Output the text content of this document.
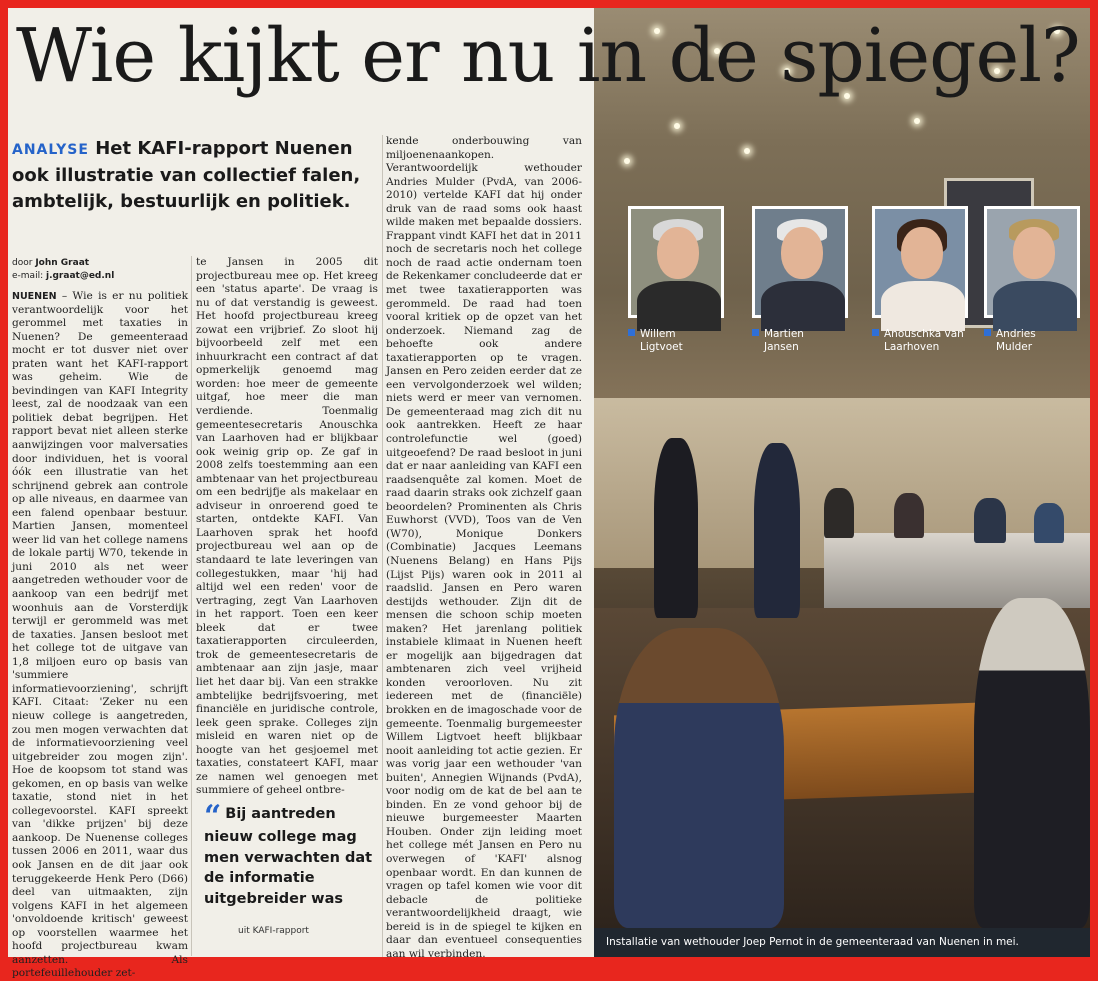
Willem
Ligtvoet
Martien
Jansen
Anouschka van
Laarhoven
Andries
Mulder
Installatie van wethouder Joep Pernot in de gemeenteraad van Nuenen in mei.
Wie kijkt er nu in de spiegel?
ANALYSE Het KAFI-rapport Nuenen ook illustratie van collectief falen, ambtelijk, bestuurlijk en politiek.
door John Graat
e-mail: j.graat@ed.nl
NUENEN – Wie is er nu politiek verantwoordelijk voor het gerommel met taxaties in Nuenen? De gemeenteraad mocht er tot dusver niet over praten want het KAFI-rapport was geheim. Wie de bevindingen van KAFI Integrity leest, zal de noodzaak van een politiek debat begrijpen. Het rapport bevat niet alleen sterke aanwijzingen voor malversaties door individuen, het is vooral óók een illustratie van het schrijnend gebrek aan controle op alle niveaus, en daarmee van een falend openbaar bestuur. Martien Jansen, momenteel weer lid van het college namens de lokale partij W70, tekende in juni 2010 als net weer aangetreden wethouder voor de aankoop van een bedrijf met woonhuis aan de Vorsterdijk terwijl er gerommeld was met de taxaties. Jansen besloot met het college tot de uitgave van 1,8 miljoen euro op basis van 'summiere informatievoorziening', schrijft KAFI. Citaat: 'Zeker nu een nieuw college is aangetreden, zou men mogen verwachten dat de informatievoorziening veel uitgebreider zou mogen zijn'. Hoe de koopsom tot stand was gekomen, en op basis van welke taxatie, stond niet in het collegevoorstel. KAFI spreekt van 'dikke prijzen' bij deze aankoop. De Nuenense colleges tussen 2006 en 2011, waar dus ook Jansen en de dit jaar ook teruggekeerde Henk Pero (D66) deel van uitmaakten, zijn volgens KAFI in het algemeen 'onvoldoende kritisch' geweest op voorstellen waarmee het hoofd projectbureau kwam aanzetten. Als portefeuillehouder zet-
te Jansen in 2005 dit projectbureau mee op. Het kreeg een 'status aparte'. De vraag is nu of dat verstandig is geweest. Het hoofd projectbureau kreeg zowat een vrijbrief. Zo sloot hij bijvoorbeeld zelf met een inhuurkracht een contract af dat opmerkelijk genoemd mag worden: hoe meer de gemeente uitgaf, hoe meer die man verdiende. Toenmalig gemeentesecretaris Anouschka van Laarhoven had er blijkbaar ook weinig grip op. Ze gaf in 2008 zelfs toestemming aan een ambtenaar van het projectbureau om een bedrijfje als makelaar en adviseur in onroerend goed te starten, ontdekte KAFI. Van Laarhoven sprak het hoofd projectbureau wel aan op de standaard te late leveringen van collegestukken, maar 'hij had altijd wel een reden' voor de vertraging, zegt Van Laarhoven in het rapport. Toen een keer bleek dat er twee taxatierapporten circuleerden, trok de gemeentesecretaris de ambtenaar aan zijn jasje, maar liet het daar bij. Van een strakke ambtelijke bedrijfsvoering, met financiële en juridische controle, leek geen sprake. Colleges zijn misleid en waren niet op de hoogte van het gesjoemel met taxaties, constateert KAFI, maar ze namen wel genoegen met summiere of geheel ontbre-
“ Bij aantreden nieuw college mag men verwachten dat de informatie uitgebreider was
uit KAFI-rapport
kende onderbouwing van miljoenenaankopen. Verantwoordelijk wethouder Andries Mulder (PvdA, van 2006-2010) vertelde KAFI dat hij onder druk van de raad soms ook haast wilde maken met bepaalde dossiers. Frappant vindt KAFI het dat in 2011 noch de secretaris noch het college noch de raad actie ondernam toen de Rekenkamer concludeerde dat er met twee taxatierapporten was gerommeld. De raad had toen vooral kritiek op de opzet van het onderzoek. Niemand zag de behoefte ook andere taxatierapporten op te vragen. Jansen en Pero zeiden eerder dat ze een vervolgonderzoek wel wilden; niets werd er meer van vernomen. De gemeenteraad mag zich dit nu ook aantrekken. Heeft ze haar controlefunctie wel (goed) uitgeoefend? De raad besloot in juni dat er naar aanleiding van KAFI een raadsenquête zal komen. Moet de raad daarin straks ook zichzelf gaan beoordelen? Prominenten als Chris Euwhorst (VVD), Toos van de Ven (W70), Monique Donkers (Combinatie) Jacques Leemans (Nuenens Belang) en Hans Pijs (Lijst Pijs) waren ook in 2011 al raadslid. Jansen en Pero waren destijds wethouder. Zijn dit de mensen die schoon schip moeten maken? Het jarenlang politiek instabiele klimaat in Nuenen heeft er mogelijk aan bijgedragen dat ambtenaren zich veel vrijheid konden veroorloven. Nu zit iedereen met de (financiële) brokken en de imagoschade voor de gemeente. Toenmalig burgemeester Willem Ligtvoet heeft blijkbaar nooit aanleiding tot actie gezien. Er was vorig jaar een wethouder 'van buiten', Annegien Wijnands (PvdA), voor nodig om de kat de bel aan te binden. En ze vond gehoor bij de nieuwe burgemeester Maarten Houben. Onder zijn leiding moet het college mét Jansen en Pero nu overwegen of 'KAFI' alsnog openbaar wordt. En dan kunnen de vragen op tafel komen wie voor dit debacle de politieke verantwoordelijkheid draagt, wie bereid is in de spiegel te kijken en daar dan eventueel consequenties aan wil verbinden.
